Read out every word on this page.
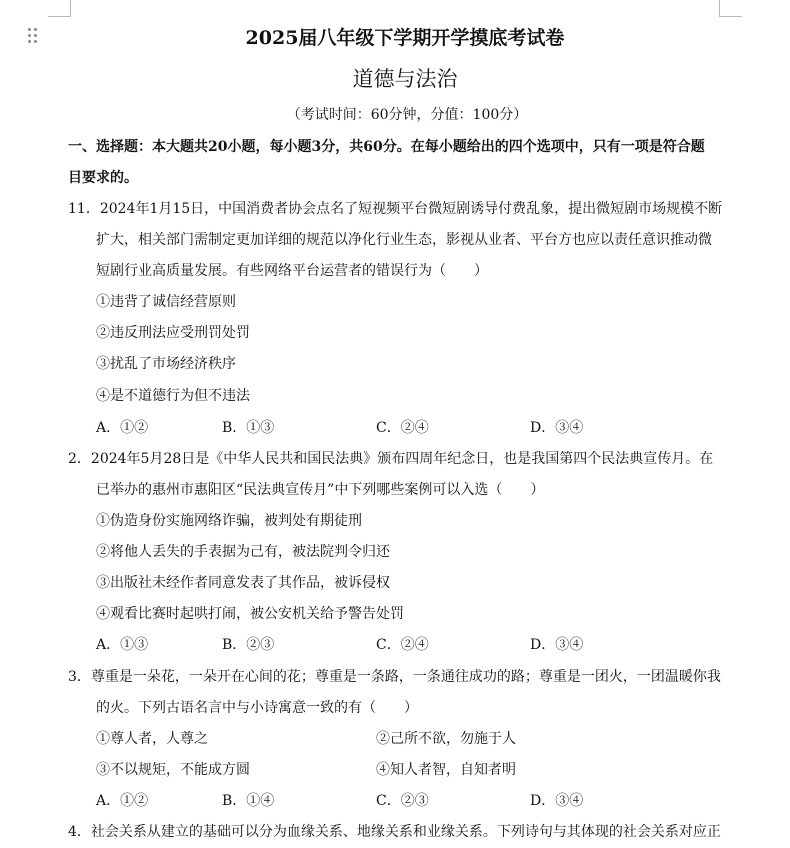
2025届八年级下学期开学摸底考试卷
道德与法治
（考试时间：60分钟，分值：100分）
一、选择题：本大题共20小题，每小题3分，共60分。在每小题给出的四个选项中，只有一项是符合题
目要求的。
11．2024年1月15日，中国消费者协会点名了短视频平台微短剧诱导付费乱象，提出微短剧市场规模不断
扩大，相关部门需制定更加详细的规范以净化行业生态，影视从业者、平台方也应以责任意识推动微
短剧行业高质量发展。有些网络平台运营者的错误行为（　　）
①违背了诚信经营原则
②违反刑法应受刑罚处罚
③扰乱了市场经济秩序
④是不道德行为但不违法
A．①②	B．①③	C．②④	D．③④
2．2024年5月28日是《中华人民共和国民法典》颁布四周年纪念日，也是我国第四个民法典宣传月。在
已举办的惠州市惠阳区“民法典宣传月”中下列哪些案例可以入选（　　）
①伪造身份实施网络诈骗，被判处有期徒刑
②将他人丢失的手表据为己有，被法院判令归还
③出版社未经作者同意发表了其作品，被诉侵权
④观看比赛时起哄打闹，被公安机关给予警告处罚
A．①③	B．②③	C．②④	D．③④
3．尊重是一朵花，一朵开在心间的花；尊重是一条路，一条通往成功的路；尊重是一团火，一团温暖你我
的火。下列古语名言中与小诗寓意一致的有（　　）
①尊人者，人尊之	②己所不欲，勿施于人
③不以规矩，不能成方圆	④知人者智，自知者明
A．①②	B．①④	C．②③	D．③④
4．社会关系从建立的基础可以分为血缘关系、地缘关系和业缘关系。下列诗句与其体现的社会关系对应正
